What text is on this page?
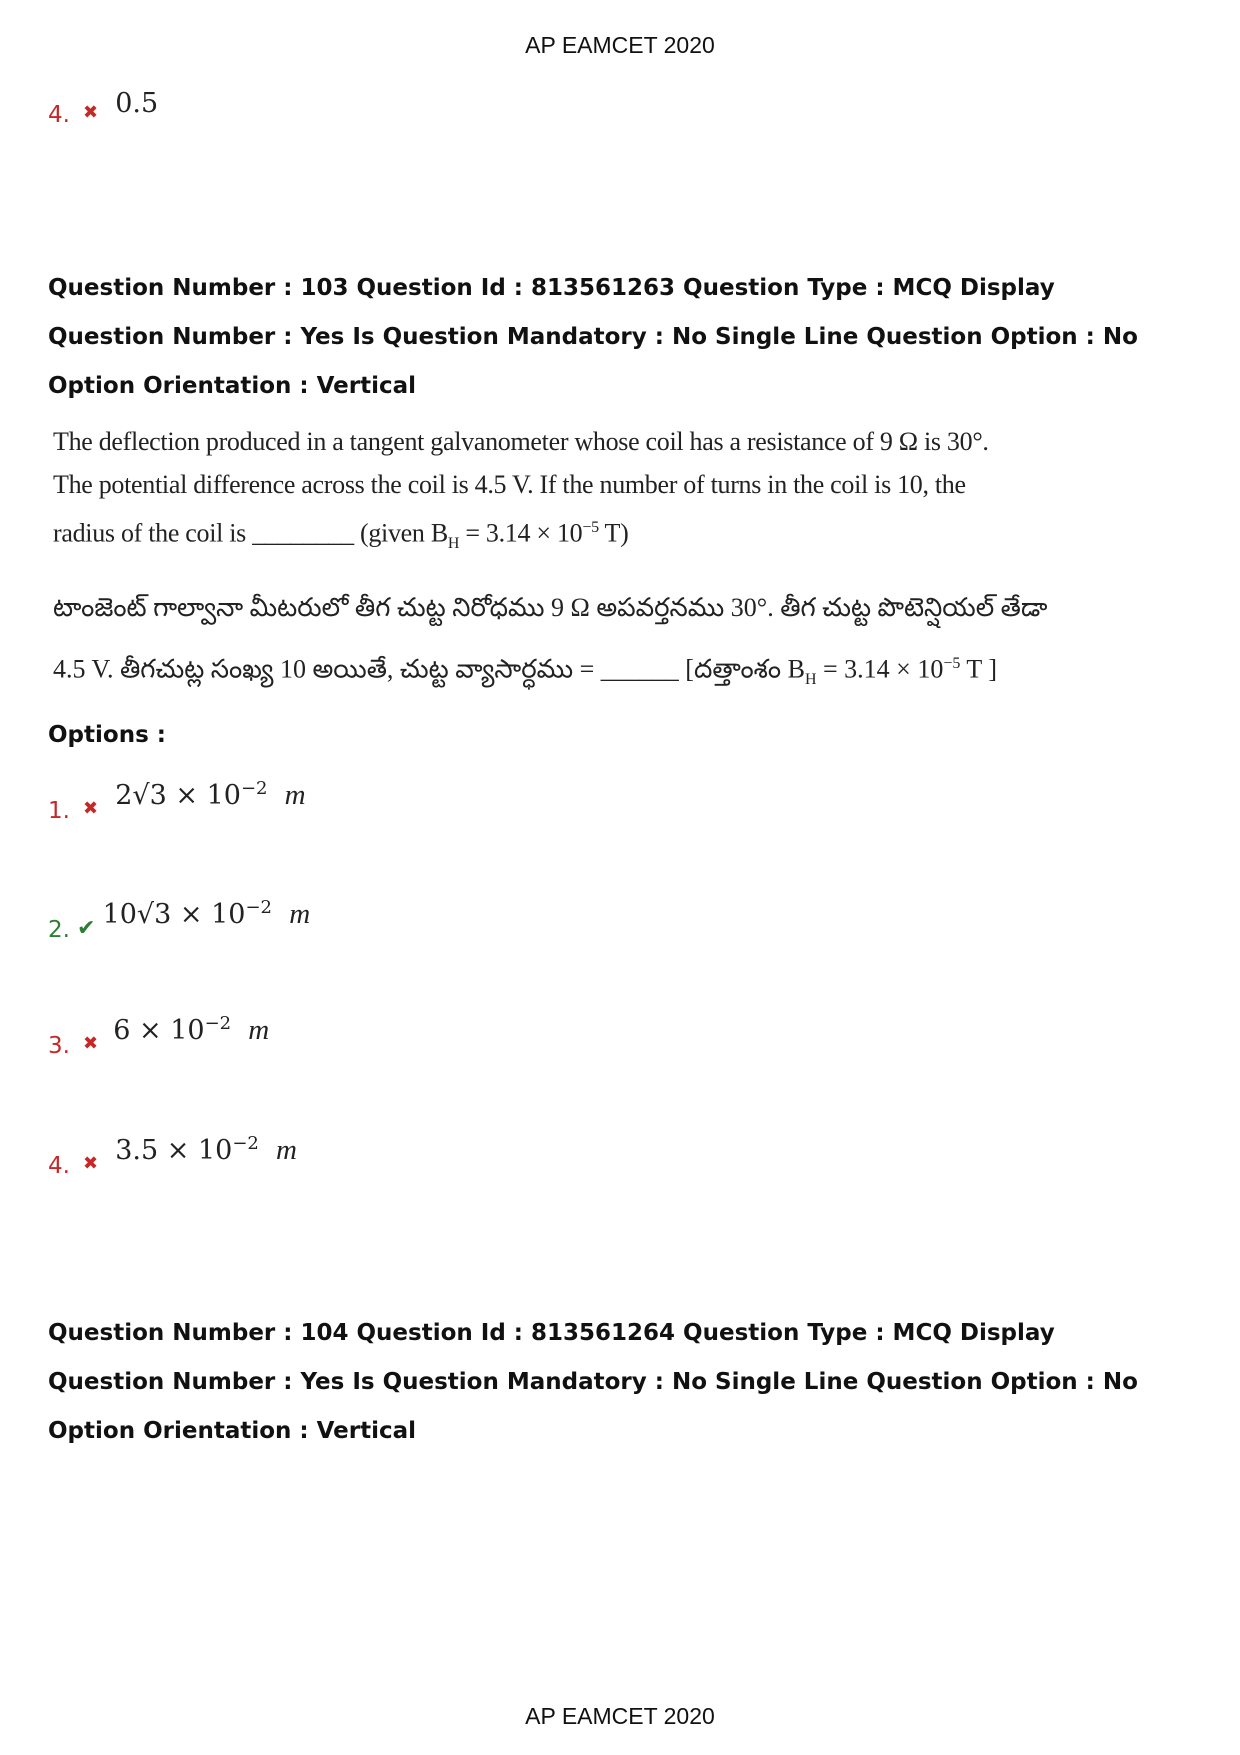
AP EAMCET 2020
4. ✖ 0.5
Question Number : 103 Question Id : 813561263 Question Type : MCQ Display Question Number : Yes Is Question Mandatory : No Single Line Question Option : No Option Orientation : Vertical
The deflection produced in a tangent galvanometer whose coil has a resistance of 9 Ω is 30°.
The potential difference across the coil is 4.5 V. If the number of turns in the coil is 10, the
radius of the coil is ________ (given $B_H = 3.14 \times 10^{-5}$ T)
టాంజెంట్ గాల్వానా మీటరులో తీగ చుట్ట నిరోధము 9 Ω అపవర్తనము 30°. తీగ చుట్ట పొటెన్షియల్ తేడా
4.5 V. తీగచుట్ల సంఖ్య 10 అయితే, చుట్ట వ్యాసార్ధము = ______ [దత్తాంశం $B_H = 3.14 \times 10^{-5}$ T ]
Options :
1. ✖ $2√3 \times 10^{-2}$ m
2. ✔ $10√3 \times 10^{-2}$ m
3. ✖ $6 \times 10^{-2}$ m
4. ✖ $3.5 \times 10^{-2}$ m
Question Number : 104 Question Id : 813561264 Question Type : MCQ Display Question Number : Yes Is Question Mandatory : No Single Line Question Option : No Option Orientation : Vertical
AP EAMCET 2020
